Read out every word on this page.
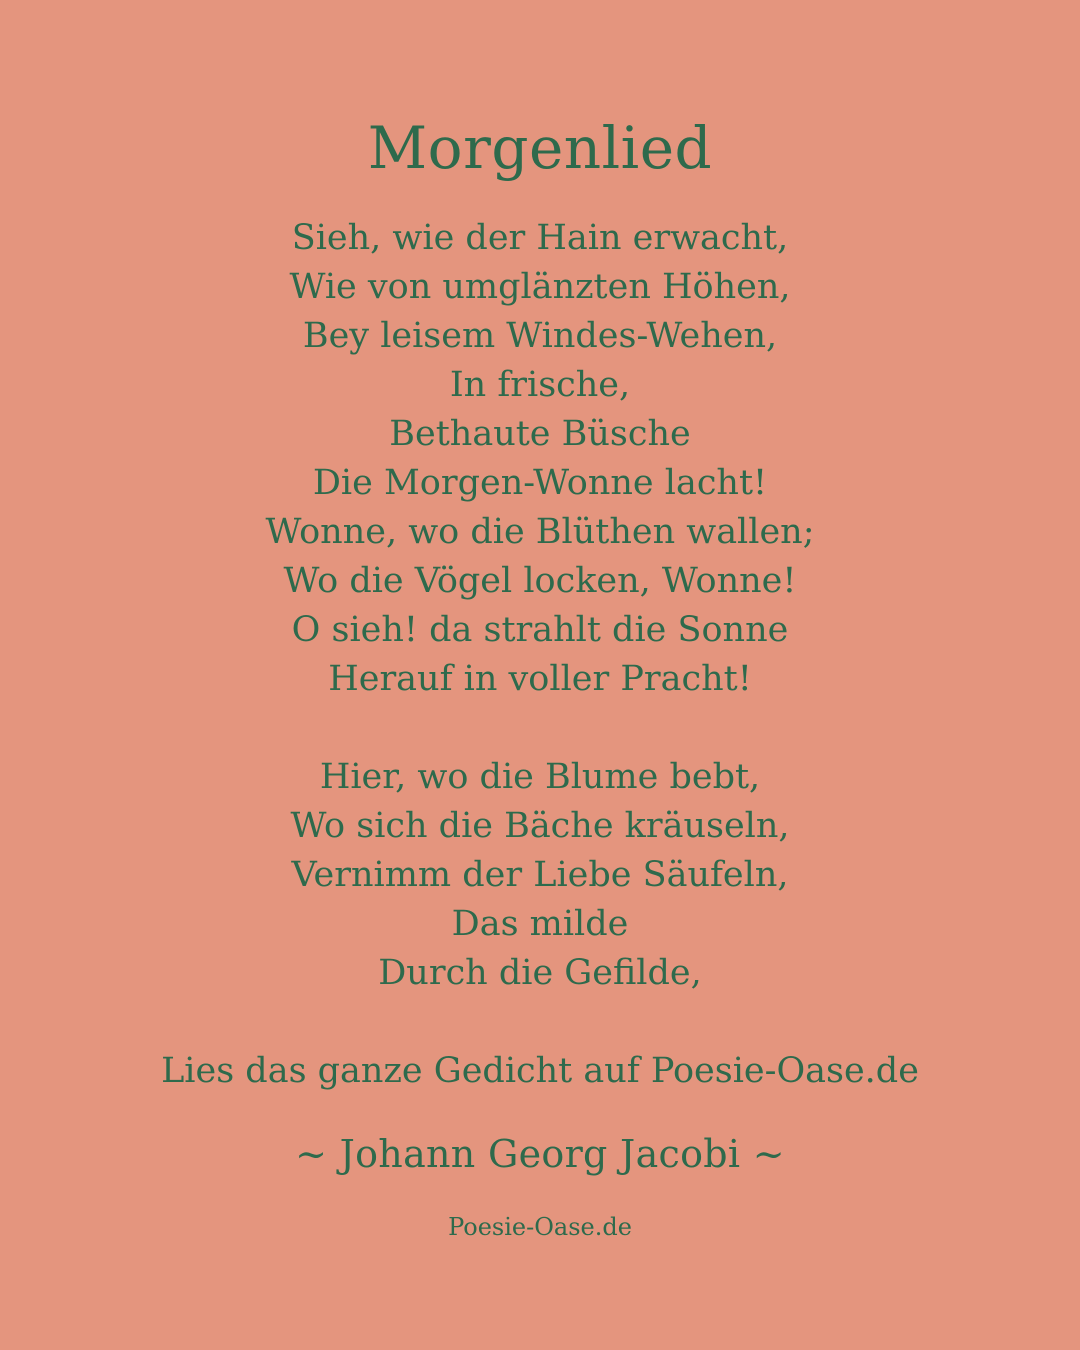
Morgenlied
Sieh, wie der Hain erwacht,
Wie von umglänzten Höhen,
Bey leisem Windes-Wehen,
In frische,
Bethaute Büsche
Die Morgen-Wonne lacht!
Wonne, wo die Blüthen wallen;
Wo die Vögel locken, Wonne!
O sieh! da strahlt die Sonne
Herauf in voller Pracht!
Hier, wo die Blume bebt,
Wo sich die Bäche kräuseln,
Vernimm der Liebe Säufeln,
Das milde
Durch die Gefilde,
Lies das ganze Gedicht auf Poesie-Oase.de
~ Johann Georg Jacobi ~
Poesie-Oase.de
